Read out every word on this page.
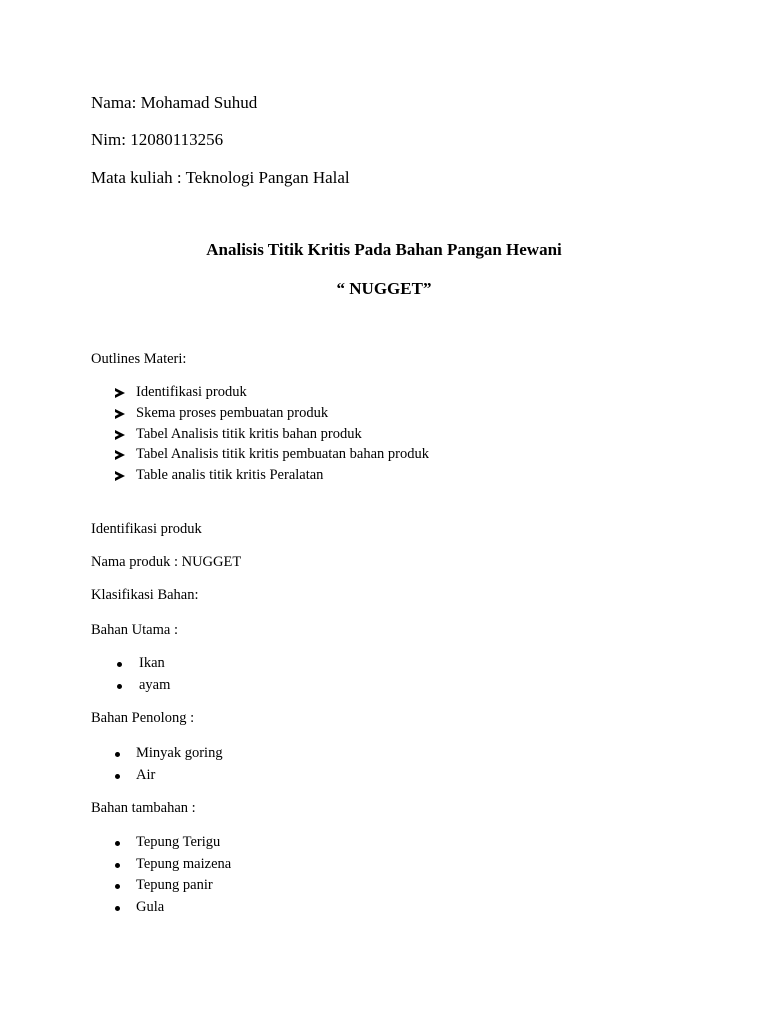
Nama: Mohamad Suhud
Nim: 12080113256
Mata kuliah : Teknologi Pangan Halal
Analisis Titik Kritis Pada Bahan Pangan Hewani
“ NUGGET”
Outlines Materi:
Identifikasi produk
Skema proses pembuatan produk
Tabel Analisis titik kritis bahan produk
Tabel Analisis titik kritis pembuatan bahan produk
Table analis titik kritis Peralatan
Identifikasi produk
Nama produk : NUGGET
Klasifikasi Bahan:
Bahan Utama :
Ikan
ayam
Bahan Penolong :
Minyak goring
Air
Bahan tambahan :
Tepung Terigu
Tepung maizena
Tepung panir
Gula
